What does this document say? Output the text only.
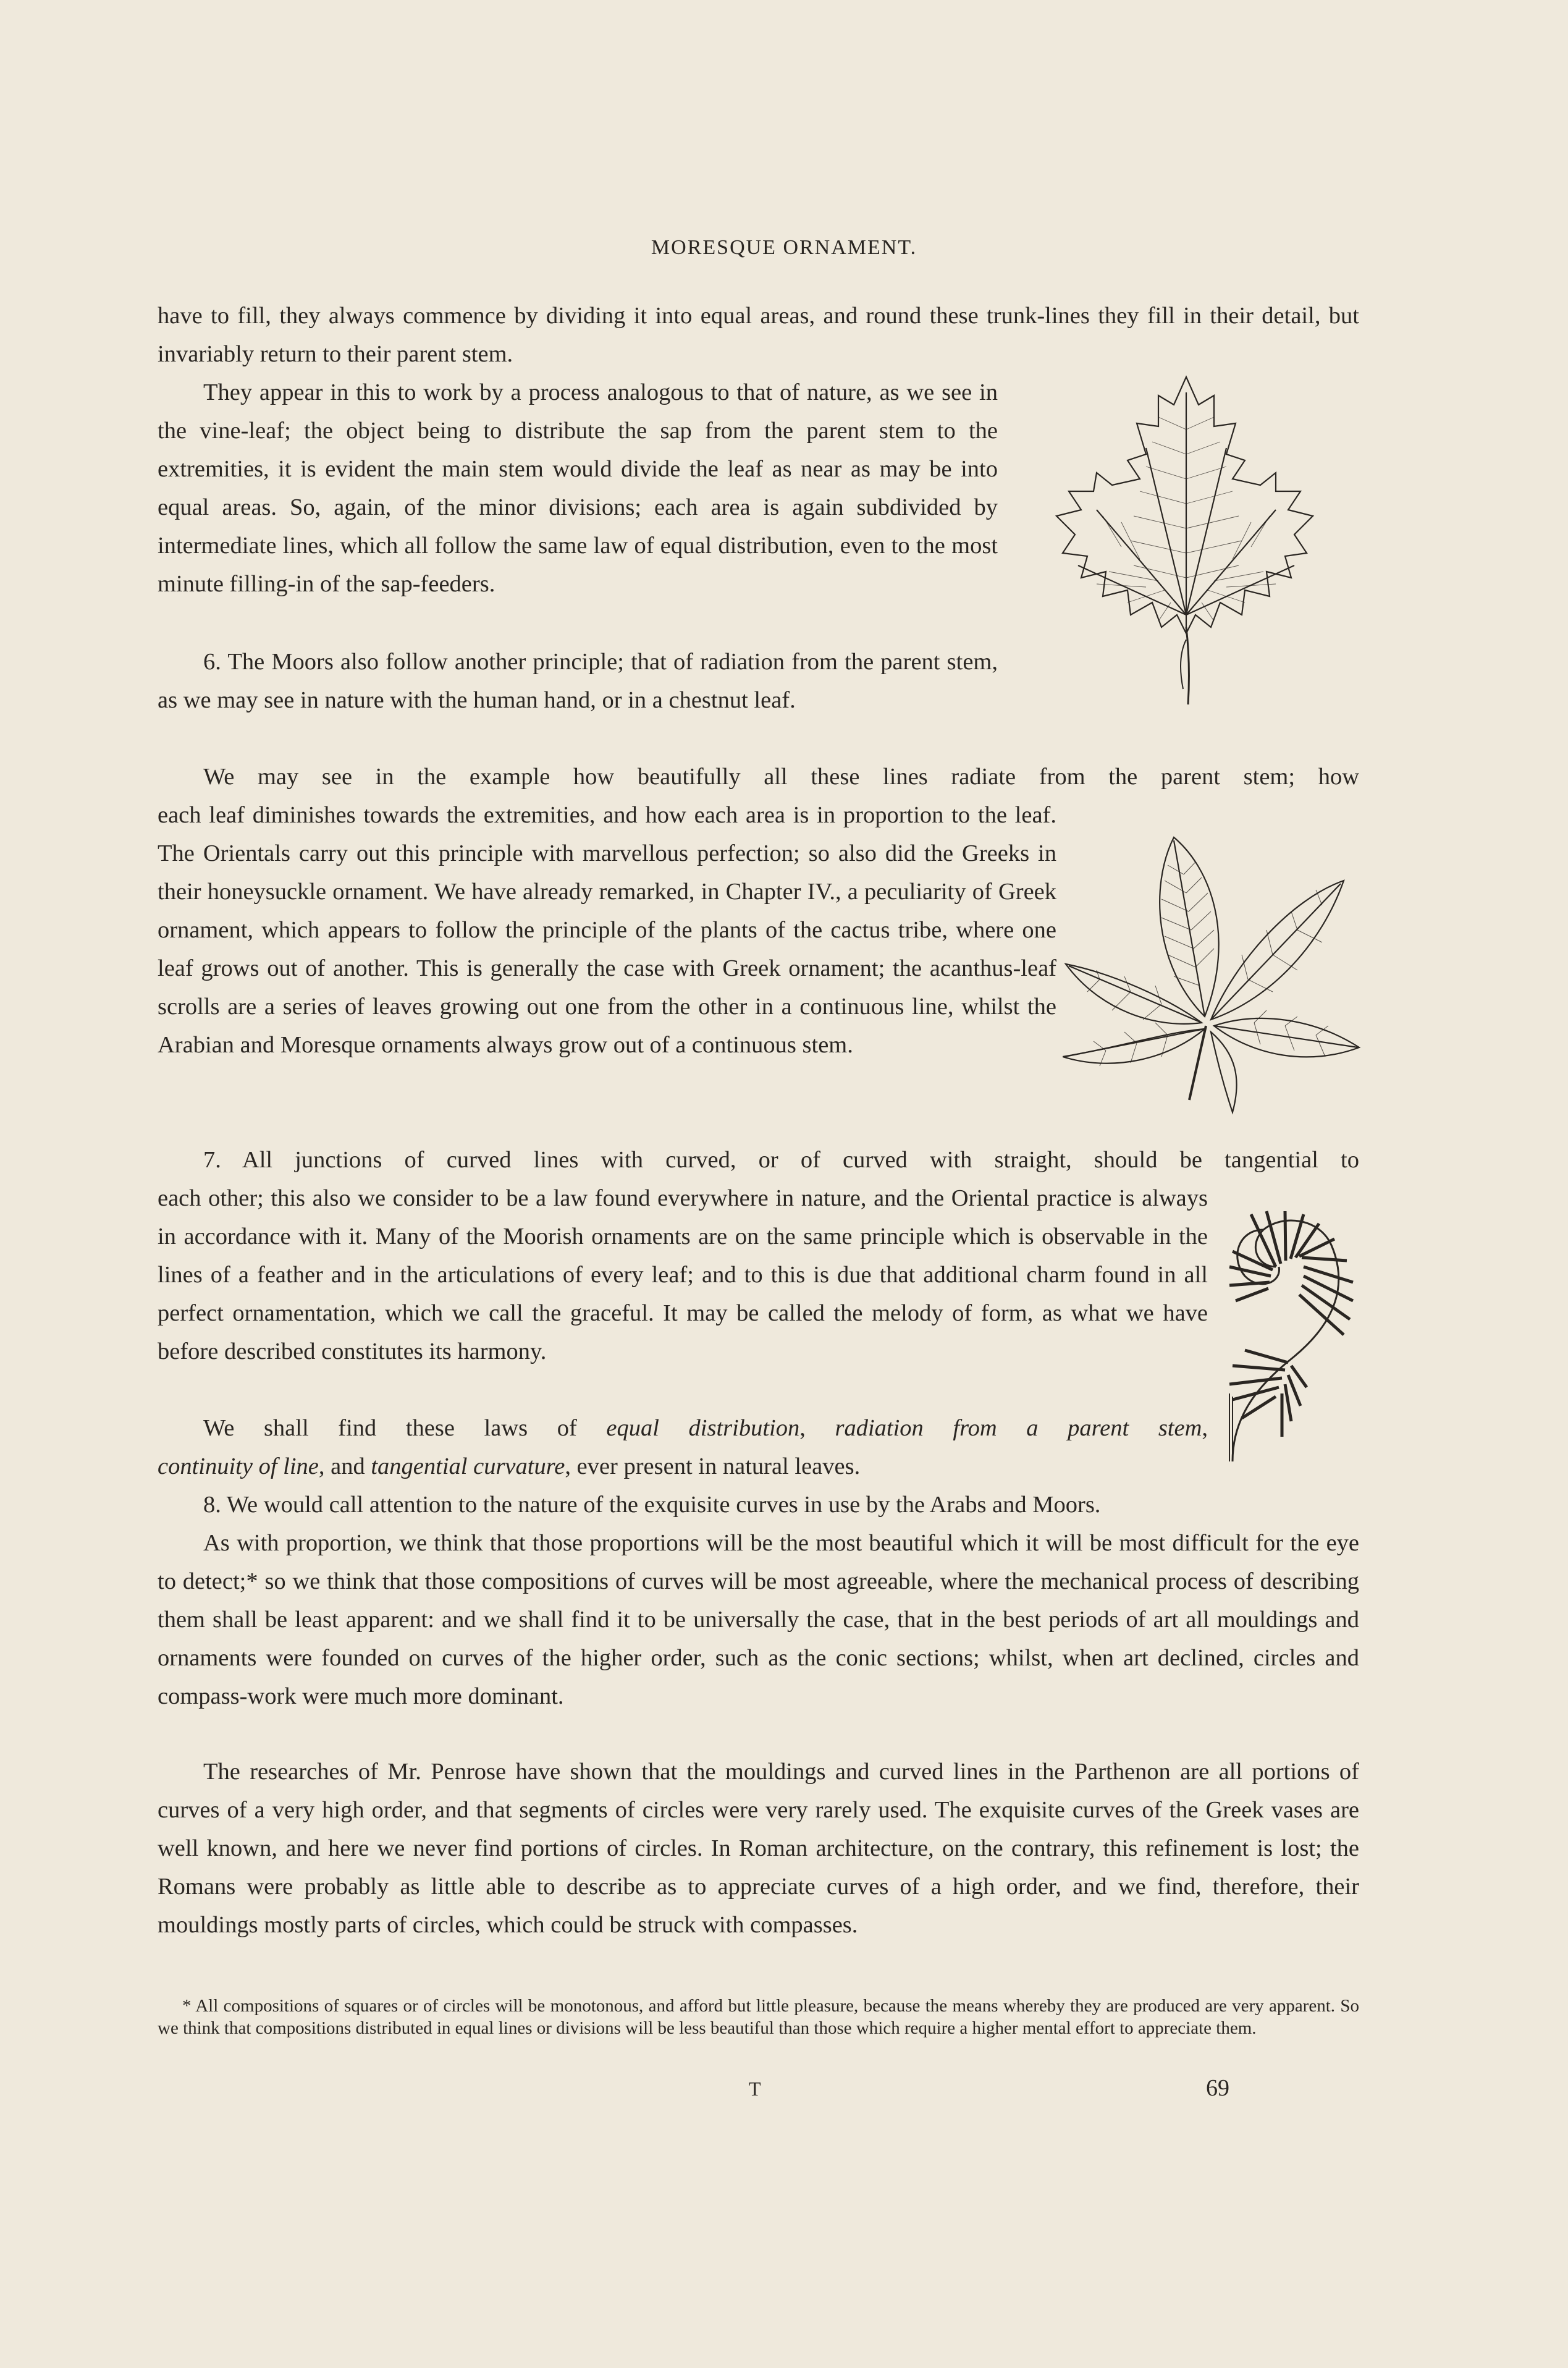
MORESQUE ORNAMENT.

have to fill, they always commence by dividing it into equal areas, and round these trunk-lines they fill in their detail, but invariably return to their parent stem.

They appear in this to work by a process analogous to that of nature, as we see in the vine-leaf; the object being to distribute the sap from the parent stem to the extremities, it is evident the main stem would divide the leaf as near as may be into equal areas. So, again, of the minor divisions; each area is again subdivided by intermediate lines, which all follow the same law of equal distribution, even to the most minute filling-in of the sap-feeders.

6. The Moors also follow another principle; that of radiation from the parent stem, as we may see in nature with the human hand, or in a chestnut leaf.

We may see in the example how beautifully all these lines radiate from the parent stem; how

each leaf diminishes towards the extremities, and how each area is in proportion to the leaf. The Orientals carry out this principle with marvellous perfection; so also did the Greeks in their honeysuckle ornament. We have already remarked, in Chapter IV., a peculiarity of Greek ornament, which appears to follow the principle of the plants of the cactus tribe, where one leaf grows out of another. This is generally the case with Greek ornament; the acanthus-leaf scrolls are a series of leaves growing out one from the other in a continuous line, whilst the Arabian and Moresque ornaments always grow out of a continuous stem.

7. All junctions of curved lines with curved, or of curved with straight, should be tangential to

each other; this also we consider to be a law found everywhere in nature, and the Oriental practice is always in accordance with it. Many of the Moorish ornaments are on the same principle which is observable in the lines of a feather and in the articulations of every leaf; and to this is due that additional charm found in all perfect ornamentation, which we call the graceful. It may be called the melody of form, as what we have before described constitutes its harmony.

We shall find these laws of equal distribution, radiation from a parent stem,

continuity of line, and tangential curvature, ever present in natural leaves.

8. We would call attention to the nature of the exquisite curves in use by the Arabs and Moors.

As with proportion, we think that those proportions will be the most beautiful which it will be most difficult for the eye to detect;* so we think that those compositions of curves will be most agreeable, where the mechanical process of describing them shall be least apparent: and we shall find it to be universally the case, that in the best periods of art all mouldings and ornaments were founded on curves of the higher order, such as the conic sections; whilst, when art declined, circles and compass-work were much more dominant.

The researches of Mr. Penrose have shown that the mouldings and curved lines in the Parthenon are all portions of curves of a very high order, and that segments of circles were very rarely used. The exquisite curves of the Greek vases are well known, and here we never find portions of circles. In Roman architecture, on the contrary, this refinement is lost; the Romans were probably as little able to describe as to appreciate curves of a high order, and we find, therefore, their mouldings mostly parts of circles, which could be struck with compasses.

* All compositions of squares or of circles will be monotonous, and afford but little pleasure, because the means whereby they are produced are very apparent. So we think that compositions distributed in equal lines or divisions will be less beautiful than those which require a higher mental effort to appreciate them.

T	69
